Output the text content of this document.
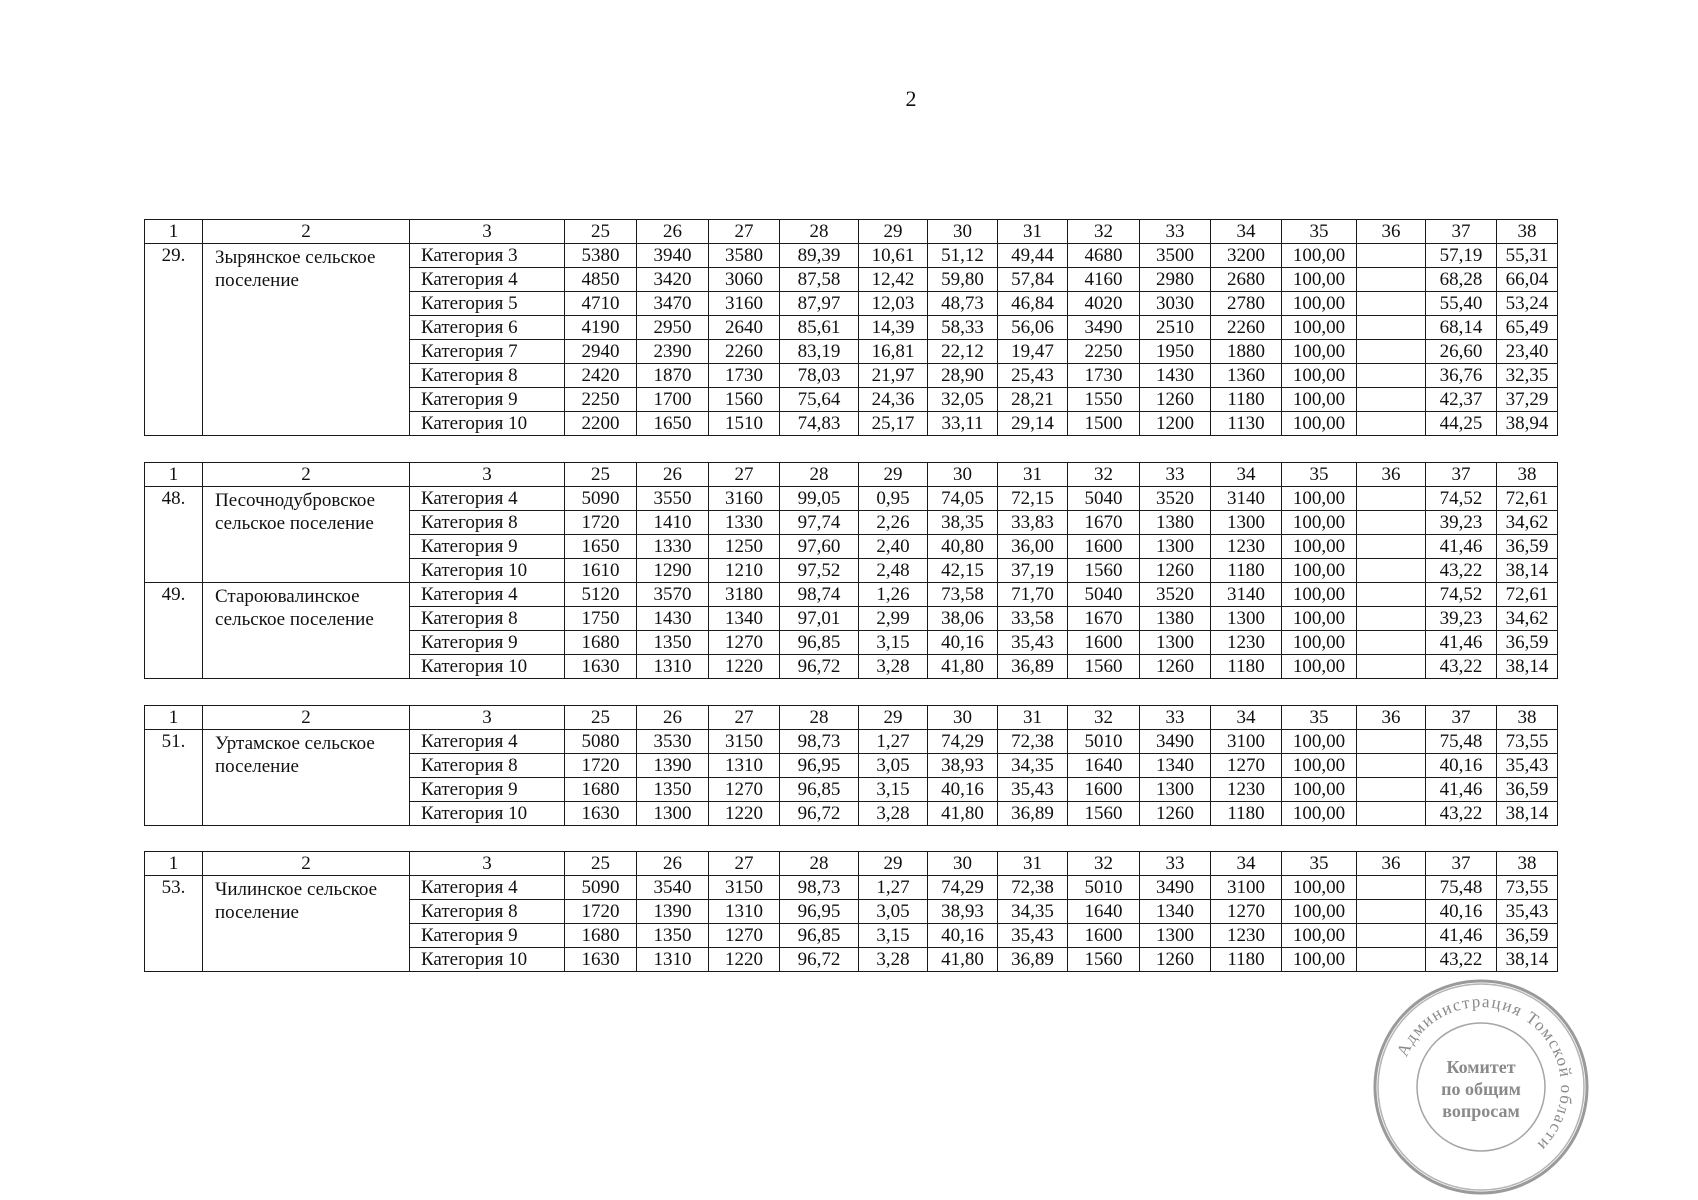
2
1	2	3	25	26	27	28	29	30	31	32	33	34	35	36	37	38
29.	Зырянское сельское поселение	Категория 3	5380	3940	3580	89,39	10,61	51,12	49,44	4680	3500	3200	100,00		57,19	55,31
		Категория 4	4850	3420	3060	87,58	12,42	59,80	57,84	4160	2980	2680	100,00		68,28	66,04
		Категория 5	4710	3470	3160	87,97	12,03	48,73	46,84	4020	3030	2780	100,00		55,40	53,24
		Категория 6	4190	2950	2640	85,61	14,39	58,33	56,06	3490	2510	2260	100,00		68,14	65,49
		Категория 7	2940	2390	2260	83,19	16,81	22,12	19,47	2250	1950	1880	100,00		26,60	23,40
		Категория 8	2420	1870	1730	78,03	21,97	28,90	25,43	1730	1430	1360	100,00		36,76	32,35
		Категория 9	2250	1700	1560	75,64	24,36	32,05	28,21	1550	1260	1180	100,00		42,37	37,29
		Категория 10	2200	1650	1510	74,83	25,17	33,11	29,14	1500	1200	1130	100,00		44,25	38,94
1	2	3	25	26	27	28	29	30	31	32	33	34	35	36	37	38
48.	Песочнодубровское сельское поселение	Категория 4	5090	3550	3160	99,05	0,95	74,05	72,15	5040	3520	3140	100,00		74,52	72,61
		Категория 8	1720	1410	1330	97,74	2,26	38,35	33,83	1670	1380	1300	100,00		39,23	34,62
		Категория 9	1650	1330	1250	97,60	2,40	40,80	36,00	1600	1300	1230	100,00		41,46	36,59
		Категория 10	1610	1290	1210	97,52	2,48	42,15	37,19	1560	1260	1180	100,00		43,22	38,14
49.	Староювалинское сельское поселение	Категория 4	5120	3570	3180	98,74	1,26	73,58	71,70	5040	3520	3140	100,00		74,52	72,61
		Категория 8	1750	1430	1340	97,01	2,99	38,06	33,58	1670	1380	1300	100,00		39,23	34,62
		Категория 9	1680	1350	1270	96,85	3,15	40,16	35,43	1600	1300	1230	100,00		41,46	36,59
		Категория 10	1630	1310	1220	96,72	3,28	41,80	36,89	1560	1260	1180	100,00		43,22	38,14
1	2	3	25	26	27	28	29	30	31	32	33	34	35	36	37	38
51.	Уртамское сельское поселение	Категория 4	5080	3530	3150	98,73	1,27	74,29	72,38	5010	3490	3100	100,00		75,48	73,55
		Категория 8	1720	1390	1310	96,95	3,05	38,93	34,35	1640	1340	1270	100,00		40,16	35,43
		Категория 9	1680	1350	1270	96,85	3,15	40,16	35,43	1600	1300	1230	100,00		41,46	36,59
		Категория 10	1630	1300	1220	96,72	3,28	41,80	36,89	1560	1260	1180	100,00		43,22	38,14
1	2	3	25	26	27	28	29	30	31	32	33	34	35	36	37	38
53.	Чилинское сельское поселение	Категория 4	5090	3540	3150	98,73	1,27	74,29	72,38	5010	3490	3100	100,00		75,48	73,55
		Категория 8	1720	1390	1310	96,95	3,05	38,93	34,35	1640	1340	1270	100,00		40,16	35,43
		Категория 9	1680	1350	1270	96,85	3,15	40,16	35,43	1600	1300	1230	100,00		41,46	36,59
		Категория 10	1630	1310	1220	96,72	3,28	41,80	36,89	1560	1260	1180	100,00		43,22	38,14
Администрация Томской области
Комитет
по общим
вопросам
